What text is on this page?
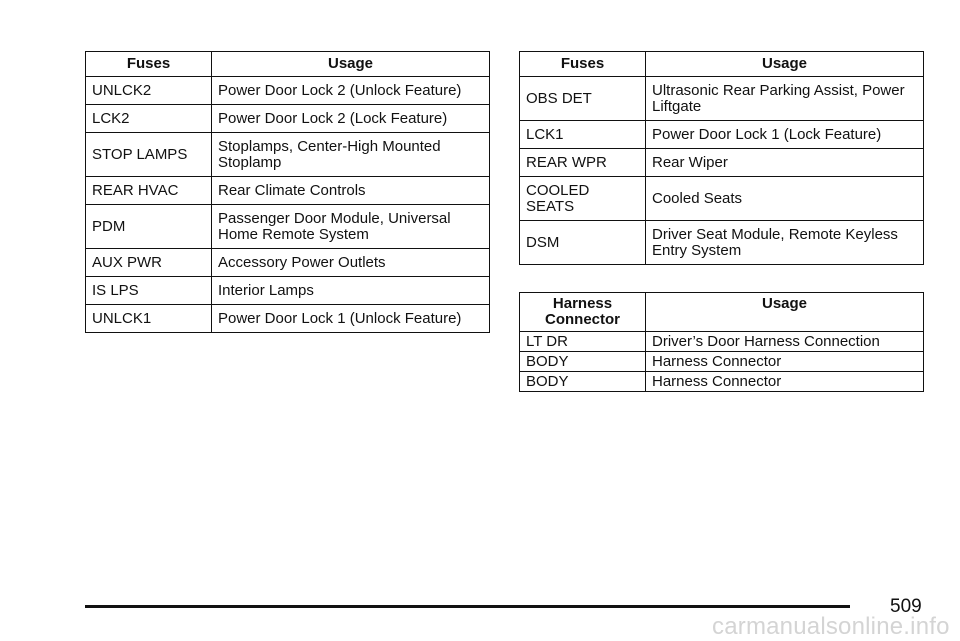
Fuses	Usage
UNLCK2	Power Door Lock 2 (Unlock Feature)
LCK2	Power Door Lock 2 (Lock Feature)
STOP LAMPS	Stoplamps, Center-High Mounted Stoplamp
REAR HVAC	Rear Climate Controls
PDM	Passenger Door Module, Universal Home Remote System
AUX PWR	Accessory Power Outlets
IS LPS	Interior Lamps
UNLCK1	Power Door Lock 1 (Unlock Feature)
Fuses	Usage
OBS DET	Ultrasonic Rear Parking Assist, Power Liftgate
LCK1	Power Door Lock 1 (Lock Feature)
REAR WPR	Rear Wiper
COOLED SEATS	Cooled Seats
DSM	Driver Seat Module, Remote Keyless Entry System
Harness Connector	Usage
LT DR	Driver’s Door Harness Connection
BODY	Harness Connector
BODY	Harness Connector
509
carmanualsonline.info
